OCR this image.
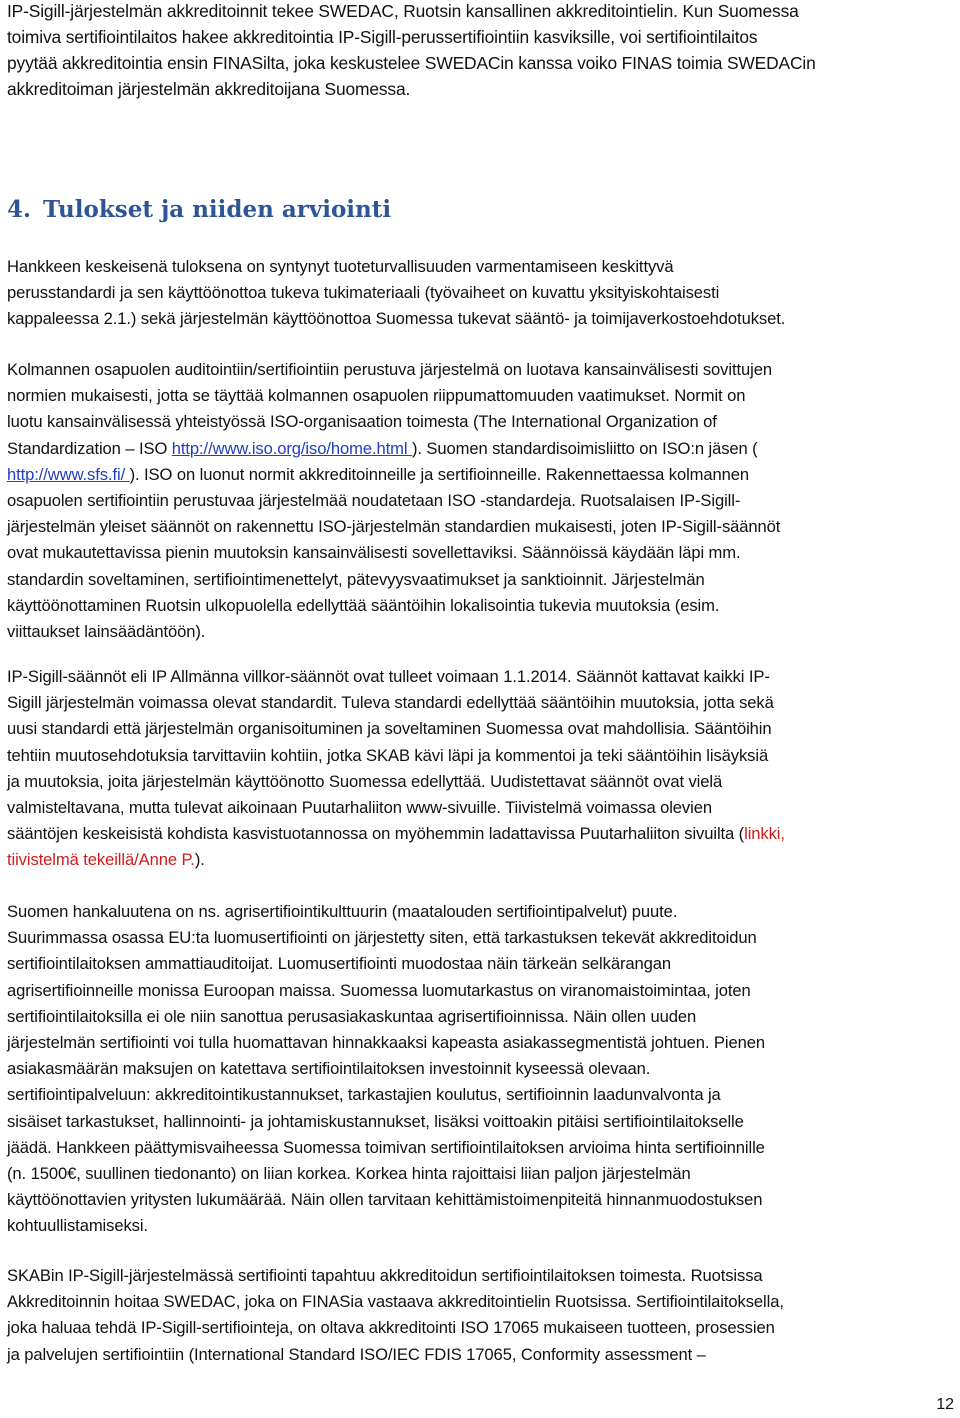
IP-Sigill-järjestelmän akkreditoinnit tekee SWEDAC, Ruotsin kansallinen akkreditointielin. Kun Suomessa
toimiva sertifiointilaitos hakee akkreditointia IP-Sigill-perussertifiointiin kasviksille, voi sertifiointilaitos
pyytää akkreditointia ensin FINASilta, joka keskustelee SWEDACin kanssa voiko FINAS toimia SWEDACin
akkreditoiman järjestelmän akkreditoijana Suomessa.
4. Tulokset ja niiden arviointi
Hankkeen keskeisenä tuloksena on syntynyt tuoteturvallisuuden varmentamiseen keskittyvä
perusstandardi ja sen käyttöönottoa tukeva tukimateriaali (työvaiheet on kuvattu yksityiskohtaisesti
kappaleessa 2.1.) sekä järjestelmän käyttöönottoa Suomessa tukevat sääntö- ja toimijaverkostoehdotukset.
Kolmannen osapuolen auditointiin/sertifiointiin perustuva järjestelmä on luotava kansainvälisesti sovittujen
normien mukaisesti, jotta se täyttää kolmannen osapuolen riippumattomuuden vaatimukset. Normit on
luotu kansainvälisessä yhteistyössä ISO-organisaation toimesta (The International Organization of
Standardization – ISO http://www.iso.org/iso/home.html ). Suomen standardisoimisliitto on ISO:n jäsen (
http://www.sfs.fi/ ). ISO on luonut normit akkreditoinneille ja sertifioinneille. Rakennettaessa kolmannen
osapuolen sertifiointiin perustuvaa järjestelmää noudatetaan ISO -standardeja. Ruotsalaisen IP-Sigill-
järjestelmän yleiset säännöt on rakennettu ISO-järjestelmän standardien mukaisesti, joten IP-Sigill-säännöt
ovat mukautettavissa pienin muutoksin kansainvälisesti sovellettaviksi. Säännöissä käydään läpi mm.
standardin soveltaminen, sertifiointimenettelyt, pätevyysvaatimukset ja sanktioinnit. Järjestelmän
käyttöönottaminen Ruotsin ulkopuolella edellyttää sääntöihin lokalisointia tukevia muutoksia (esim.
viittaukset lainsäädäntöön).
IP-Sigill-säännöt eli IP Allmänna villkor-säännöt ovat tulleet voimaan 1.1.2014. Säännöt kattavat kaikki IP-
Sigill järjestelmän voimassa olevat standardit. Tuleva standardi edellyttää sääntöihin muutoksia, jotta sekä
uusi standardi että järjestelmän organisoituminen ja soveltaminen Suomessa ovat mahdollisia. Sääntöihin
tehtiin muutosehdotuksia tarvittaviin kohtiin, jotka SKAB kävi läpi ja kommentoi ja teki sääntöihin lisäyksiä
ja muutoksia, joita järjestelmän käyttöönotto Suomessa edellyttää. Uudistettavat säännöt ovat vielä
valmisteltavana, mutta tulevat aikoinaan Puutarhaliiton www-sivuille. Tiivistelmä voimassa olevien
sääntöjen keskeisistä kohdista kasvistuotannossa on myöhemmin ladattavissa Puutarhaliiton sivuilta (linkki,
tiivistelmä tekeillä/Anne P.).
Suomen hankaluutena on ns. agrisertifiointikulttuurin (maatalouden sertifiointipalvelut) puute.
Suurimmassa osassa EU:ta luomusertifiointi on järjestetty siten, että tarkastuksen tekevät akkreditoidun
sertifiointilaitoksen ammattiauditoijat. Luomusertifiointi muodostaa näin tärkeän selkärangan
agrisertifioinneille monissa Euroopan maissa. Suomessa luomutarkastus on viranomaistoimintaa, joten
sertifiointilaitoksilla ei ole niin sanottua perusasiakaskuntaa agrisertifioinnissa. Näin ollen uuden
järjestelmän sertifiointi voi tulla huomattavan hinnakkaaksi kapeasta asiakassegmentistä johtuen. Pienen
asiakasmäärän maksujen on katettava sertifiointilaitoksen investoinnit kyseessä olevaan.
sertifiointipalveluun: akkreditointikustannukset, tarkastajien koulutus, sertifioinnin laadunvalvonta ja
sisäiset tarkastukset, hallinnointi- ja johtamiskustannukset, lisäksi voittoakin pitäisi sertifiointilaitokselle
jäädä. Hankkeen päättymisvaiheessa Suomessa toimivan sertifiointilaitoksen arvioima hinta sertifioinnille
(n. 1500€, suullinen tiedonanto) on liian korkea. Korkea hinta rajoittaisi liian paljon järjestelmän
käyttöönottavien yritysten lukumäärää. Näin ollen tarvitaan kehittämistoimenpiteitä hinnanmuodostuksen
kohtuullistamiseksi.
SKABin IP-Sigill-järjestelmässä sertifiointi tapahtuu akkreditoidun sertifiointilaitoksen toimesta. Ruotsissa
Akkreditoinnin hoitaa SWEDAC, joka on FINASia vastaava akkreditointielin Ruotsissa. Sertifiointilaitoksella,
joka haluaa tehdä IP-Sigill-sertifiointeja, on oltava akkreditointi ISO 17065 mukaiseen tuotteen, prosessien
ja palvelujen sertifiointiin (International Standard ISO/IEC FDIS 17065, Conformity assessment –
12
